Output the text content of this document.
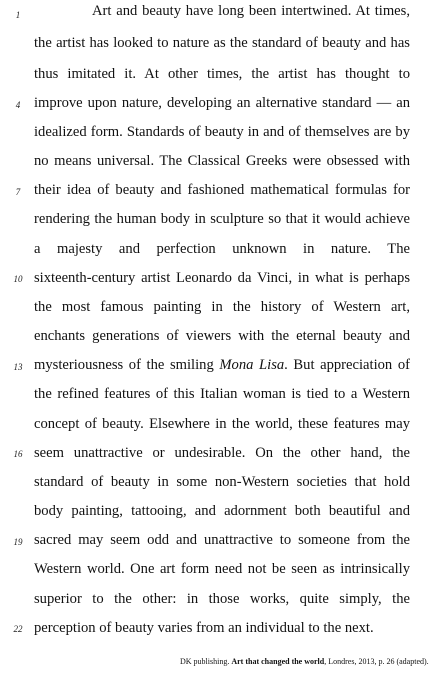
1	Art and beauty have long been intertwined. At times,
the artist has looked to nature as the standard of beauty and has
thus imitated it. At other times, the artist has thought to
4 improve upon nature, developing an alternative standard — an
idealized form. Standards of beauty in and of themselves are by
no means universal. The Classical Greeks were obsessed with
7 their idea of beauty and fashioned mathematical formulas for
rendering the human body in sculpture so that it would achieve
a majesty and perfection unknown in nature. The
10 sixteenth-century artist Leonardo da Vinci, in what is perhaps
the most famous painting in the history of Western art,
enchants generations of viewers with the eternal beauty and
13 mysteriousness of the smiling Mona Lisa. But appreciation of
the refined features of this Italian woman is tied to a Western
concept of beauty. Elsewhere in the world, these features may
16 seem unattractive or undesirable. On the other hand, the
standard of beauty in some non-Western societies that hold
body painting, tattooing, and adornment both beautiful and
19 sacred may seem odd and unattractive to someone from the
Western world. One art form need not be seen as intrinsically
superior to the other: in those works, quite simply, the
22 perception of beauty varies from an individual to the next.
DK publishing. Art that changed the world, Londres, 2013, p. 26 (adapted).
